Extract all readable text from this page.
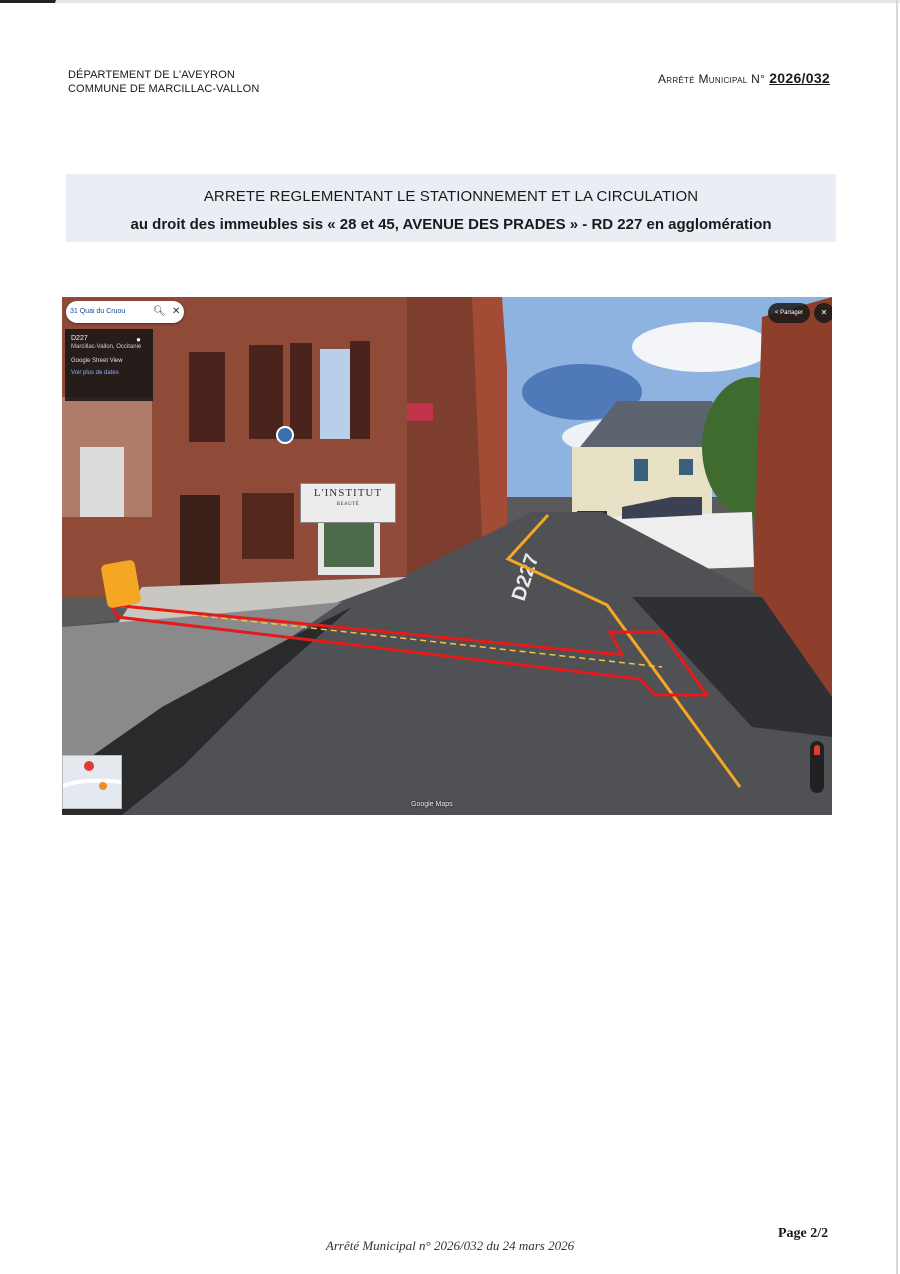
DÉPARTEMENT DE L'AVEYRON
COMMUNE DE MARCILLAC-VALLON
Arrêté Municipal N° 2026/032
ARRETE REGLEMENTANT LE STATIONNEMENT ET LA CIRCULATION
au droit des immeubles sis « 28 et 45, AVENUE DES PRADES » - RD 227 en agglomération
D227
L'INSTITUT
BEAUTÉ
31 Quai du Cruou	🔍︎ ✕
D227	●
Marcillac-Vallon, Occitanie
Google Street View
Voir plus de dates
< Partager	✕
Google Maps
Page 2/2
Arrêté Municipal n° 2026/032 du 24 mars 2026
